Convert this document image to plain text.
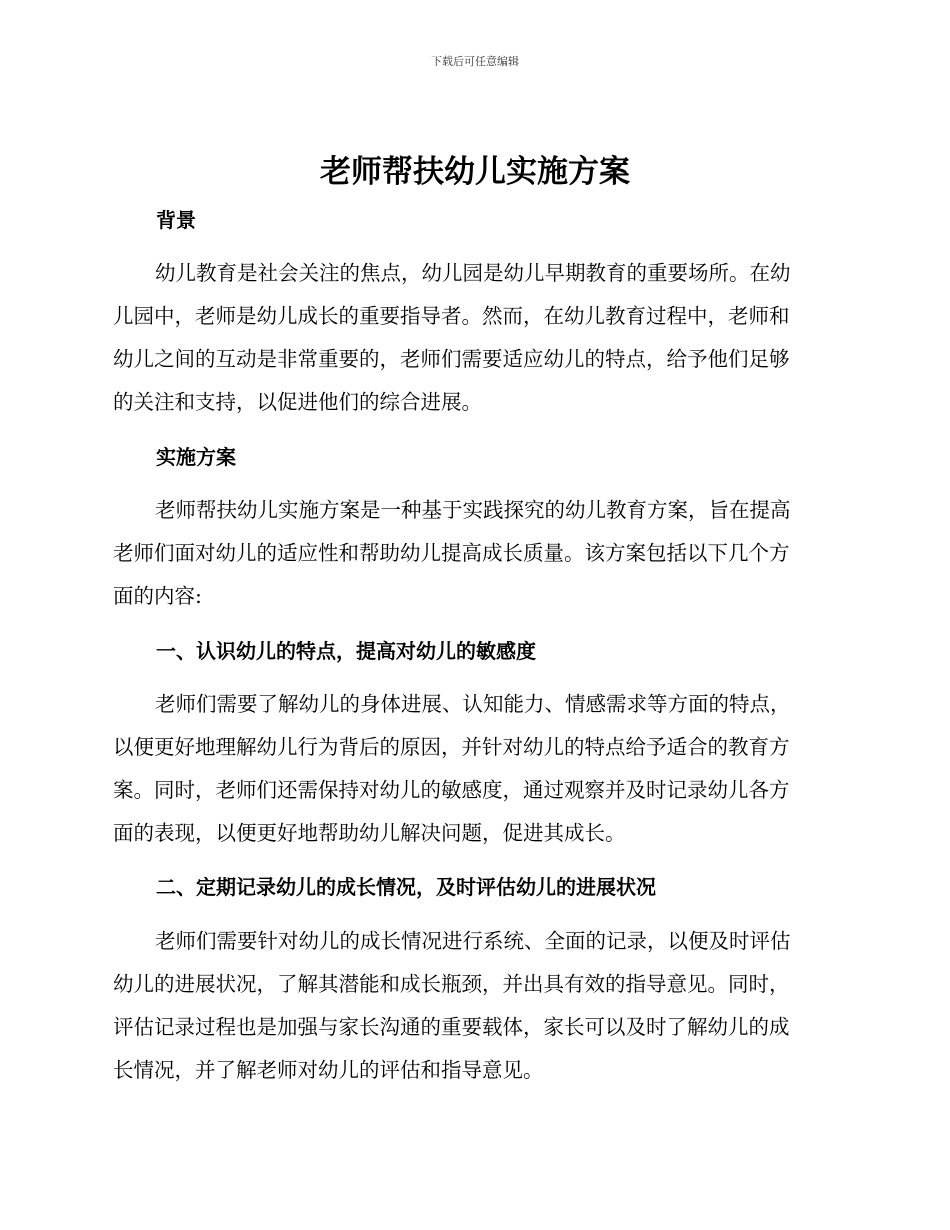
下载后可任意编辑
老师帮扶幼儿实施方案
背景

幼儿教育是社会关注的焦点，幼儿园是幼儿早期教育的重要场所。在幼
儿园中，老师是幼儿成长的重要指导者。然而，在幼儿教育过程中，老师和
幼儿之间的互动是非常重要的，老师们需要适应幼儿的特点，给予他们足够
的关注和支持，以促进他们的综合进展。

实施方案

老师帮扶幼儿实施方案是一种基于实践探究的幼儿教育方案，旨在提高
老师们面对幼儿的适应性和帮助幼儿提高成长质量。该方案包括以下几个方
面的内容:

一、认识幼儿的特点，提高对幼儿的敏感度

老师们需要了解幼儿的身体进展、认知能力、情感需求等方面的特点，
以便更好地理解幼儿行为背后的原因，并针对幼儿的特点给予适合的教育方
案。同时，老师们还需保持对幼儿的敏感度，通过观察并及时记录幼儿各方
面的表现，以便更好地帮助幼儿解决问题，促进其成长。

二、定期记录幼儿的成长情况，及时评估幼儿的进展状况

老师们需要针对幼儿的成长情况进行系统、全面的记录，以便及时评估
幼儿的进展状况，了解其潜能和成长瓶颈，并出具有效的指导意见。同时，
评估记录过程也是加强与家长沟通的重要载体，家长可以及时了解幼儿的成
长情况，并了解老师对幼儿的评估和指导意见。
